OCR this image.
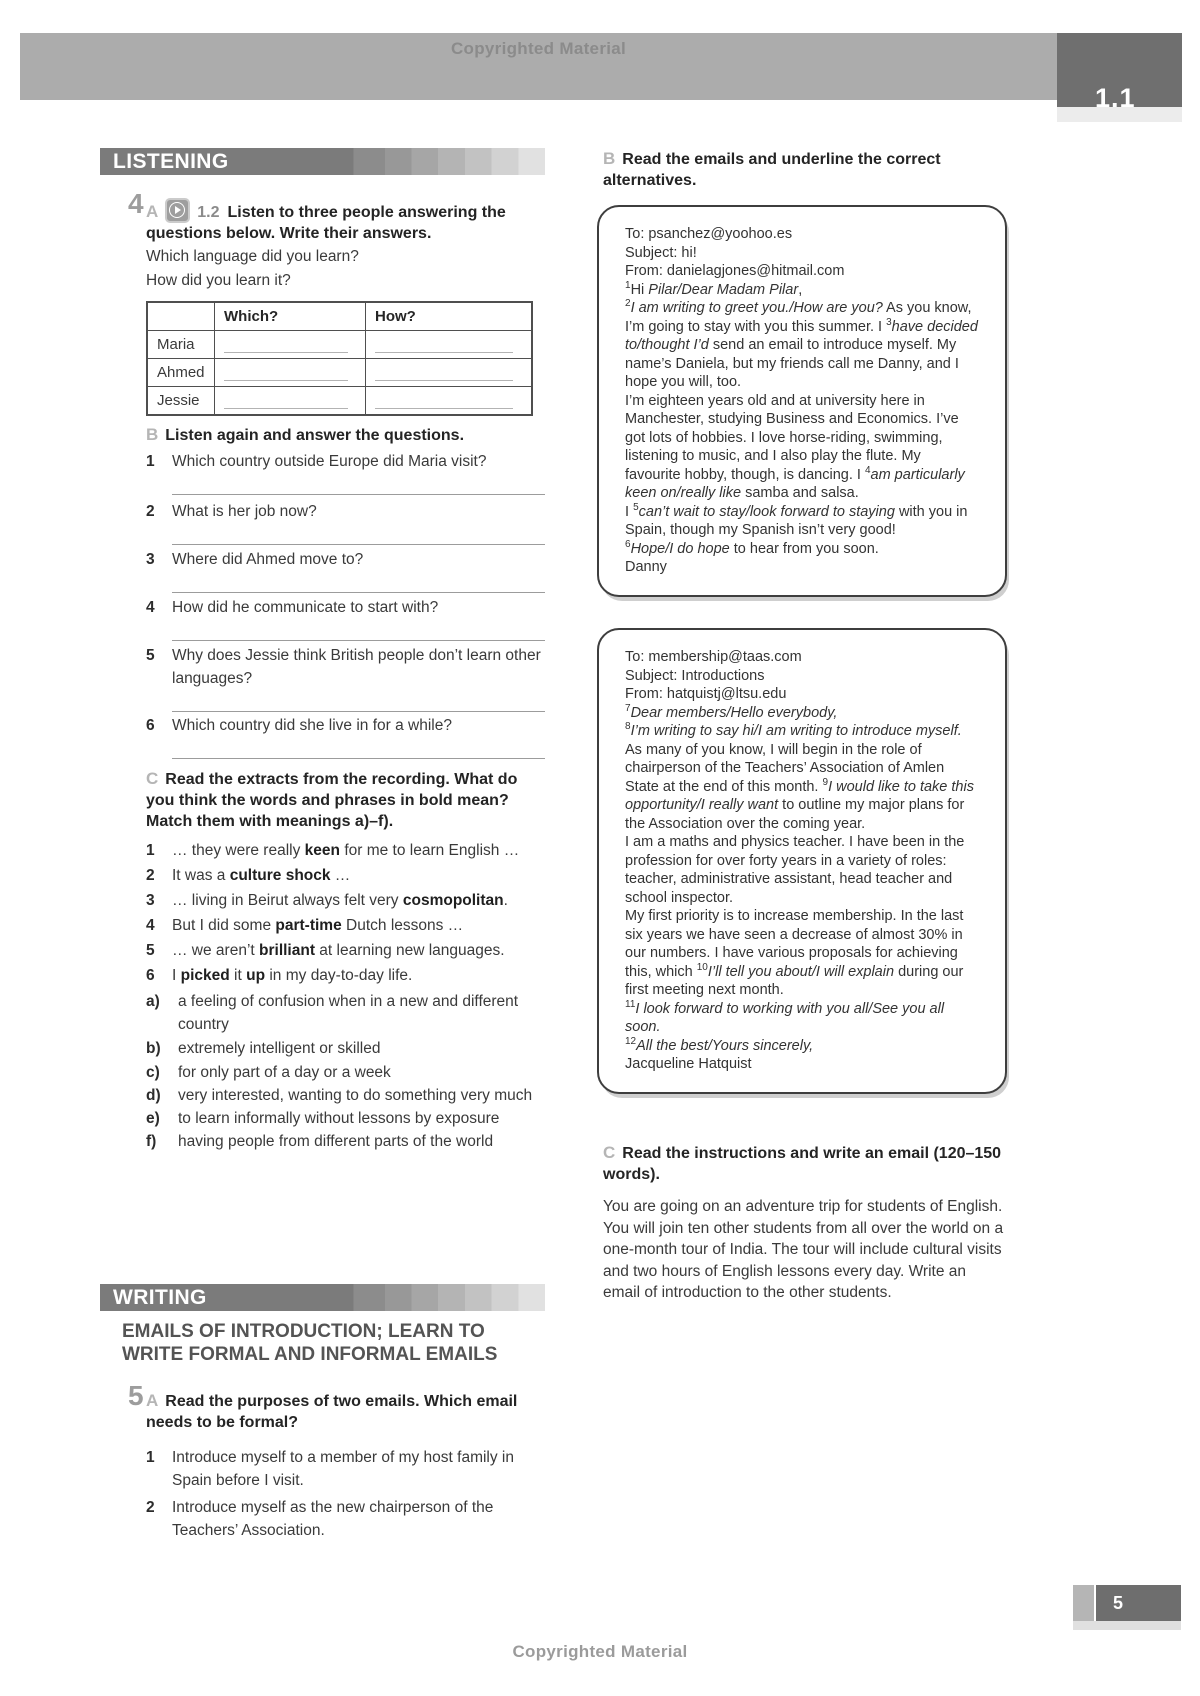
Copyrighted Material
1.1
LISTENING
4 A 1.2 Listen to three people answering the questions below. Write their answers.
Which language did you learn?
How did you learn it?
	Which?	How?
Maria	

Ahmed	

Jessie	

B Listen again and answer the questions.
1 Which country outside Europe did Maria visit?
2 What is her job now?
3 Where did Ahmed move to?
4 How did he communicate to start with?
5 Why does Jessie think British people don’t learn other languages?
6 Which country did she live in for a while?
C Read the extracts from the recording. What do you think the words and phrases in bold mean? Match them with meanings a)–f).
1 … they were really keen for me to learn English …
2 It was a culture shock …
3 … living in Beirut always felt very cosmopolitan.
4 But I did some part-time Dutch lessons …
5 … we aren’t brilliant at learning new languages.
6 I picked it up in my day-to-day life.
a) a feeling of confusion when in a new and different country
b) extremely intelligent or skilled
c) for only part of a day or a week
d) very interested, wanting to do something very much
e) to learn informally without lessons by exposure
f) having people from different parts of the world
WRITING
EMAILS OF INTRODUCTION; LEARN TO WRITE FORMAL AND INFORMAL EMAILS
5 A Read the purposes of two emails. Which email needs to be formal?
1 Introduce myself to a member of my host family in Spain before I visit.
2 Introduce myself as the new chairperson of the Teachers’ Association.
B Read the emails and underline the correct alternatives.
To: psanchez@yoohoo.es
Subject: hi!
From: danielagjones@hitmail.com

$^1$Hi Pilar/Dear Madam Pilar,

$^2$I am writing to greet you./How are you? As you know, I’m going to stay with you this summer. I $^3$have decided to/thought I’d send an email to introduce myself. My name’s Daniela, but my friends call me Danny, and I hope you will, too.

I’m eighteen years old and at university here in Manchester, studying Business and Economics. I’ve got lots of hobbies. I love horse-riding, swimming, listening to music, and I also play the flute. My favourite hobby, though, is dancing. I $^4$am particularly keen on/really like samba and salsa.

I $^5$can’t wait to stay/look forward to staying with you in Spain, though my Spanish isn’t very good!

$^6$Hope/I do hope to hear from you soon.

Danny

To: membership@taas.com
Subject: Introductions
From: hatquistj@ltsu.edu

$^7$Dear members/Hello everybody,

$^8$I’m writing to say hi/I am writing to introduce myself. As many of you know, I will begin in the role of chairperson of the Teachers’ Association of Amlen State at the end of this month. $^9$I would like to take this opportunity/I really want to outline my major plans for the Association over the coming year.

I am a maths and physics teacher. I have been in the profession for over forty years in a variety of roles: teacher, administrative assistant, head teacher and school inspector.

My first priority is to increase membership. In the last six years we have seen a decrease of almost 30% in our numbers. I have various proposals for achieving this, which $^{10}$I’ll tell you about/I will explain during our first meeting next month.

$^{11}$I look forward to working with you all/See you all soon.

$^{12}$All the best/Yours sincerely,

Jacqueline Hatquist

C Read the instructions and write an email (120–150 words).
You are going on an adventure trip for students of English. You will join ten other students from all over the world on a one-month tour of India. The tour will include cultural visits and two hours of English lessons every day. Write an email of introduction to the other students.
5
Copyrighted Material
